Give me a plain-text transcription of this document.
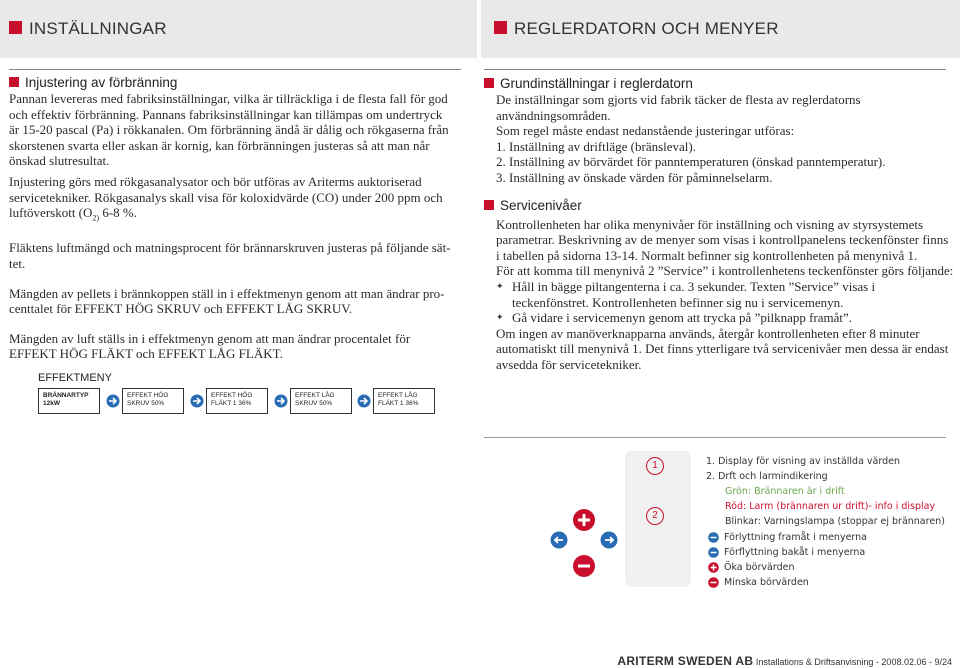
INSTÄLLNINGAR	REGLERDATORN OCH MENYER

Injustering av förbränning

Pannan levereras med fabriksinställningar, vilka är tillräckliga i de flesta fall för god
och effektiv förbränning. Pannans fabriksinställningar kan tillämpas om undertryck
är 15-20 pascal (Pa) i rökkanalen. Om förbränning ändå är dålig och rökgaserna från
skorstenen svarta eller askan är kornig, kan förbränningen justeras så att man når
önskad slutresultat.

Injustering görs med rökgasanalysator och bör utföras av Ariterms auktoriserad
servicetekniker. Rökgasanalys skall visa för koloxidvärde (CO) under 200 ppm och
luftöverskott ($O_{2)}$ 6-8 %.

Fläktens luftmängd och matningsprocent för brännarskruven justeras på följande sät-
tet.

Mängden av pellets i brännkoppen ställ in i effektmenyn genom att man ändrar pro-
centtalet för EFFEKT HÖG SKRUV och EFFEKT LÅG SKRUV.

Mängden av luft ställs in i effektmenyn genom att man ändrar procentalet för
EFFEKT HÖG FLÄKT och EFFEKT LÅG FLÄKT.

EFFEKTMENY
BRÄNNARTYP
12kW
EFFEKT HÖG
SKRUV 50%
EFFEKT HÖG
FLÄKT 1 36%
EFFEKT LÅG
SKRUV 50%
EFFEKT LÅG
FLÄKT 1 36%

Grundinställningar i reglerdatorn

De inställningar som gjorts vid fabrik täcker de flesta av reglerdatorns
användningsområden.
Som regel måste endast nedanstående justeringar utföras:
1. Inställning av driftläge (bränsleval).
2. Inställning av börvärdet för panntemperaturen (önskad panntemperatur).
3. Inställning av önskade värden för påminnelselarm.

Servicenivåer

Kontrollenheten har olika menynivåer för inställning och visning av styrsystemets
parametrar. Beskrivning av de menyer som visas i kontrollpanelens teckenfönster finns
i tabellen på sidorna 13-14. Normalt befinner sig kontrollenheten på menynivå 1.
För att komma till menynivå 2 ”Service” i kontrollenhetens teckenfönster görs följande:

✦ Håll in bägge piltangenterna i ca. 3 sekunder. Texten ”Service” visas i
teckenfönstret. Kontrollenheten befinner sig nu i servicemenyn.
✦ Gå vidare i servicemenyn genom att trycka på ”pilknapp framåt”.

Om ingen av manöverknapparna används, återgår kontrollenheten efter 8 minuter
automatiskt till menynivå 1. Det finns ytterligare två servicenivåer men dessa är endast
avsedda för servicetekniker.

1
2
1. Display för visning av inställda värden
2. Drft och larmindikering
Grön: Brännaren är i drift
Röd: Larm (brännaren ur drift)- info i display
Blinkar: Varningslampa (stoppar ej brännaren)
Förlyttning framåt i menyerna
Förflyttning bakåt i menyerna
Öka börvärden
Minska börvärden
ARITERM SWEDEN AB Installations & Driftsanvisning - 2008.02.06 - 9/24
